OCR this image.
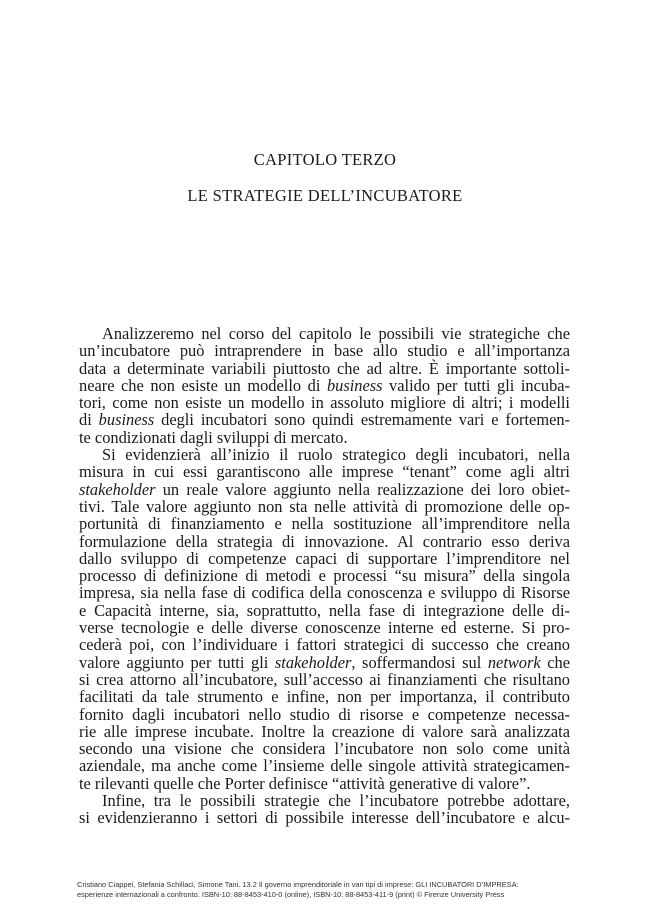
CAPITOLO TERZO
LE STRATEGIE DELL’INCUBATORE
Analizzeremo nel corso del capitolo le possibili vie strategiche che
un’incubatore può intraprendere in base allo studio e all’importanza
data a determinate variabili piuttosto che ad altre. È importante sottoli-
neare che non esiste un modello di business valido per tutti gli incuba-
tori, come non esiste un modello in assoluto migliore di altri; i modelli
di business degli incubatori sono quindi estremamente vari e fortemen-
te condizionati dagli sviluppi di mercato.
Si evidenzierà all’inizio il ruolo strategico degli incubatori, nella
misura in cui essi garantiscono alle imprese “tenant” come agli altri
stakeholder un reale valore aggiunto nella realizzazione dei loro obiet-
tivi. Tale valore aggiunto non sta nelle attività di promozione delle op-
portunità di finanziamento e nella sostituzione all’imprenditore nella
formulazione della strategia di innovazione. Al contrario esso deriva
dallo sviluppo di competenze capaci di supportare l’imprenditore nel
processo di definizione di metodi e processi “su misura” della singola
impresa, sia nella fase di codifica della conoscenza e sviluppo di Risorse
e Capacità interne, sia, soprattutto, nella fase di integrazione delle di-
verse tecnologie e delle diverse conoscenze interne ed esterne. Si pro-
cederà poi, con l’individuare i fattori strategici di successo che creano
valore aggiunto per tutti gli stakeholder, soffermandosi sul network che
si crea attorno all’incubatore, sull’accesso ai finanziamenti che risultano
facilitati da tale strumento e infine, non per importanza, il contributo
fornito dagli incubatori nello studio di risorse e competenze necessa-
rie alle imprese incubate. Inoltre la creazione di valore sarà analizzata
secondo una visione che considera l’incubatore non solo come unità
aziendale, ma anche come l’insieme delle singole attività strategicamen-
te rilevanti quelle che Porter definisce “attività generative di valore”.
Infine, tra le possibili strategie che l’incubatore potrebbe adottare,
si evidenzieranno i settori di possibile interesse dell’incubatore e alcu-
Cristiano Ciappei, Stefania Schillaci, Simone Tani. 13.2 Il governo imprenditoriale in vari tipi di imprese: GLI INCUBATORI D’IMPRESA:
esperienze internazionali a confronto. ISBN-10: 88-8453-410-0 (online), ISBN-10: 88-8453-411-9 (print) © Firenze University Press
